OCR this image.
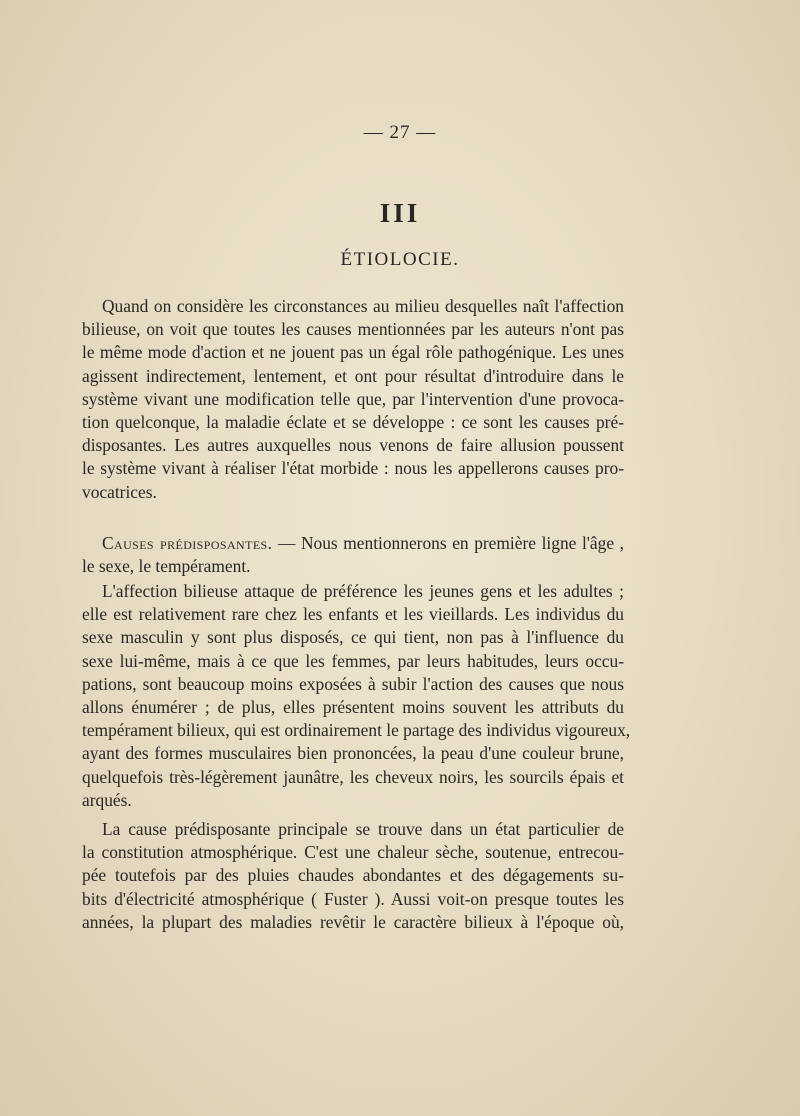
— 27 —
III
ÉTIOLOCIE.
Quand on considère les circonstances au milieu desquelles naît l'affection
bilieuse, on voit que toutes les causes mentionnées par les auteurs n'ont pas
le même mode d'action et ne jouent pas un égal rôle pathogénique. Les unes
agissent indirectement, lentement, et ont pour résultat d'introduire dans le
système vivant une modification telle que, par l'intervention d'une provoca-
tion quelconque, la maladie éclate et se développe : ce sont les causes pré-
disposantes. Les autres auxquelles nous venons de faire allusion poussent
le système vivant à réaliser l'état morbide : nous les appellerons causes pro-
vocatrices.
Causes prédisposantes. — Nous mentionnerons en première ligne l'âge ,
le sexe, le tempérament.
L'affection bilieuse attaque de préférence les jeunes gens et les adultes ;
elle est relativement rare chez les enfants et les vieillards. Les individus du
sexe masculin y sont plus disposés, ce qui tient, non pas à l'influence du
sexe lui-même, mais à ce que les femmes, par leurs habitudes, leurs occu-
pations, sont beaucoup moins exposées à subir l'action des causes que nous
allons énumérer ; de plus, elles présentent moins souvent les attributs du
tempérament bilieux, qui est ordinairement le partage des individus vigoureux,
ayant des formes musculaires bien prononcées, la peau d'une couleur brune,
quelquefois très-légèrement jaunâtre, les cheveux noirs, les sourcils épais et
arqués.
La cause prédisposante principale se trouve dans un état particulier de
la constitution atmosphérique. C'est une chaleur sèche, soutenue, entrecou-
pée toutefois par des pluies chaudes abondantes et des dégagements su-
bits d'électricité atmosphérique ( Fuster ). Aussi voit-on presque toutes les
années, la plupart des maladies revêtir le caractère bilieux à l'époque où,
